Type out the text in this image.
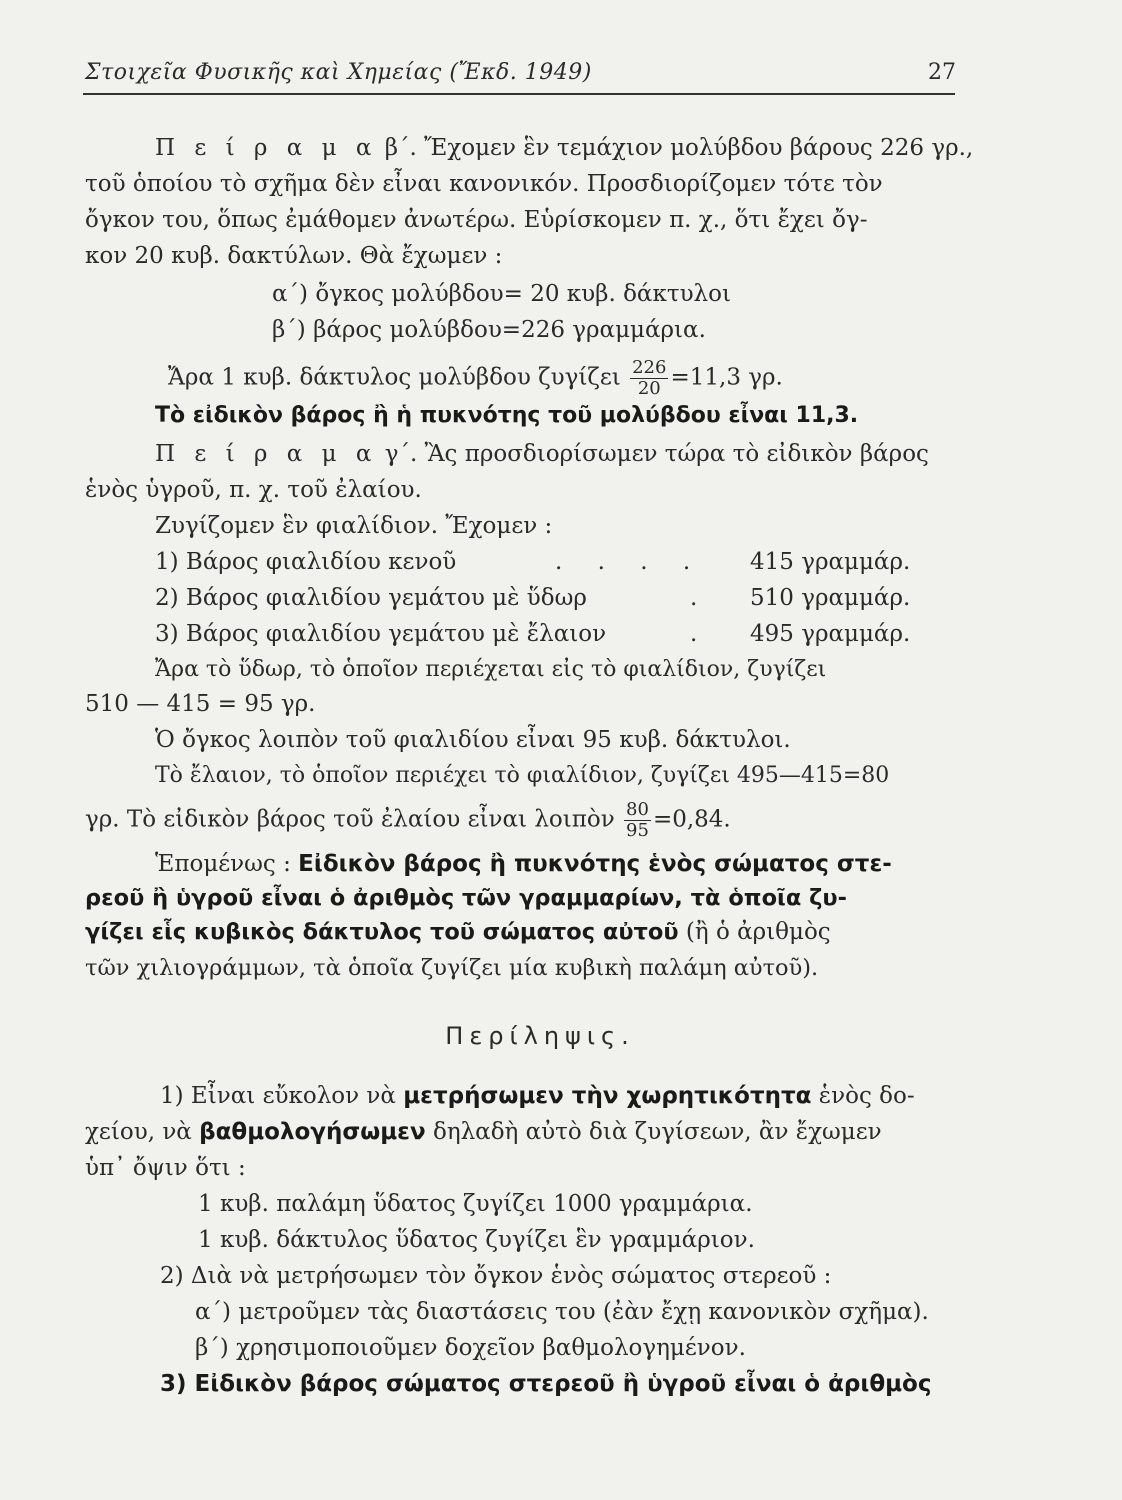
Στοιχεῖα Φυσικῆς καὶ Χημείας (Ἔκδ. 1949)	27
Π ε ί ρ α μ α β΄. Ἔχομεν ἓν τεμάχιον μολύβδου βάρους 226 γρ.,
τοῦ ὁποίου τὸ σχῆμα δὲν εἶναι κανονικόν. Προσδιορίζομεν τότε τὸν
ὄγκον του, ὅπως ἐμάθομεν ἀνωτέρω. Εὑρίσκομεν π. χ., ὅτι ἔχει ὄγ-
κον 20 κυβ. δακτύλων. Θὰ ἔχωμεν :
α΄) ὄγκος μολύβδου= 20 κυβ. δάκτυλοι
β΄) βάρος μολύβδου=226 γραμμάρια.
Ἄρα 1 κυβ. δάκτυλος μολύβδου ζυγίζει $\frac{226}{20} =11,3$ γρ.
Τὸ εἰδικὸν βάρος ἢ ἡ πυκνότης τοῦ μολύβδου εἶναι 11,3.
Π ε ί ρ α μ α γ΄. Ἂς προσδιορίσωμεν τώρα τὸ εἰδικὸν βάρος
ἑνὸς ὑγροῦ, π. χ. τοῦ ἐλαίου.
Ζυγίζομεν ἓν φιαλίδιον. Ἔχομεν :
1) Βάρος φιαλιδίου κενοῦ	. . . . 415 γραμμάρ.
2) Βάρος φιαλιδίου γεμάτου μὲ ὕδωρ	. 510 γραμμάρ.
3) Βάρος φιαλιδίου γεμάτου μὲ ἔλαιον	. 495 γραμμάρ.
Ἄρα τὸ ὕδωρ, τὸ ὁποῖον περιέχεται εἰς τὸ φιαλίδιον, ζυγίζει
510 — 415 = 95 γρ.
Ὁ ὄγκος λοιπὸν τοῦ φιαλιδίου εἶναι 95 κυβ. δάκτυλοι.
Τὸ ἔλαιον, τὸ ὁποῖον περιέχει τὸ φιαλίδιον, ζυγίζει 495—415=80
γρ. Τὸ εἰδικὸν βάρος τοῦ ἐλαίου εἶναι λοιπὸν $\frac{80}{95} =0,84$.
Ἑπομένως : Εἰδικὸν βάρος ἢ πυκνότης ἑνὸς σώματος στε-
ρεοῦ ἢ ὑγροῦ εἶναι ὁ ἀριθμὸς τῶν γραμμαρίων, τὰ ὁποῖα ζυ-
γίζει εἷς κυβικὸς δάκτυλος τοῦ σώματος αὐτοῦ (ἢ ὁ ἀριθμὸς
τῶν χιλιογράμμων, τὰ ὁποῖα ζυγίζει μία κυβικὴ παλάμη αὐτοῦ).
Περίληψις.
1) Εἶναι εὔκολον νὰ μετρήσωμεν τὴν χωρητικότητα ἑνὸς δο-
χείου, νὰ βαθμολογήσωμεν δηλαδὴ αὐτὸ διὰ ζυγίσεων, ἂν ἔχωμεν
ὑπ᾿ ὄψιν ὅτι :
1 κυβ. παλάμη ὕδατος ζυγίζει 1000 γραμμάρια.
1 κυβ. δάκτυλος ὕδατος ζυγίζει ἓν γραμμάριον.
2) Διὰ νὰ μετρήσωμεν τὸν ὄγκον ἑνὸς σώματος στερεοῦ :
α΄) μετροῦμεν τὰς διαστάσεις του (ἐὰν ἔχῃ κανονικὸν σχῆμα).
β΄) χρησιμοποιοῦμεν δοχεῖον βαθμολογημένον.
3) Εἰδικὸν βάρος σώματος στερεοῦ ἢ ὑγροῦ εἶναι ὁ ἀριθμὸς
